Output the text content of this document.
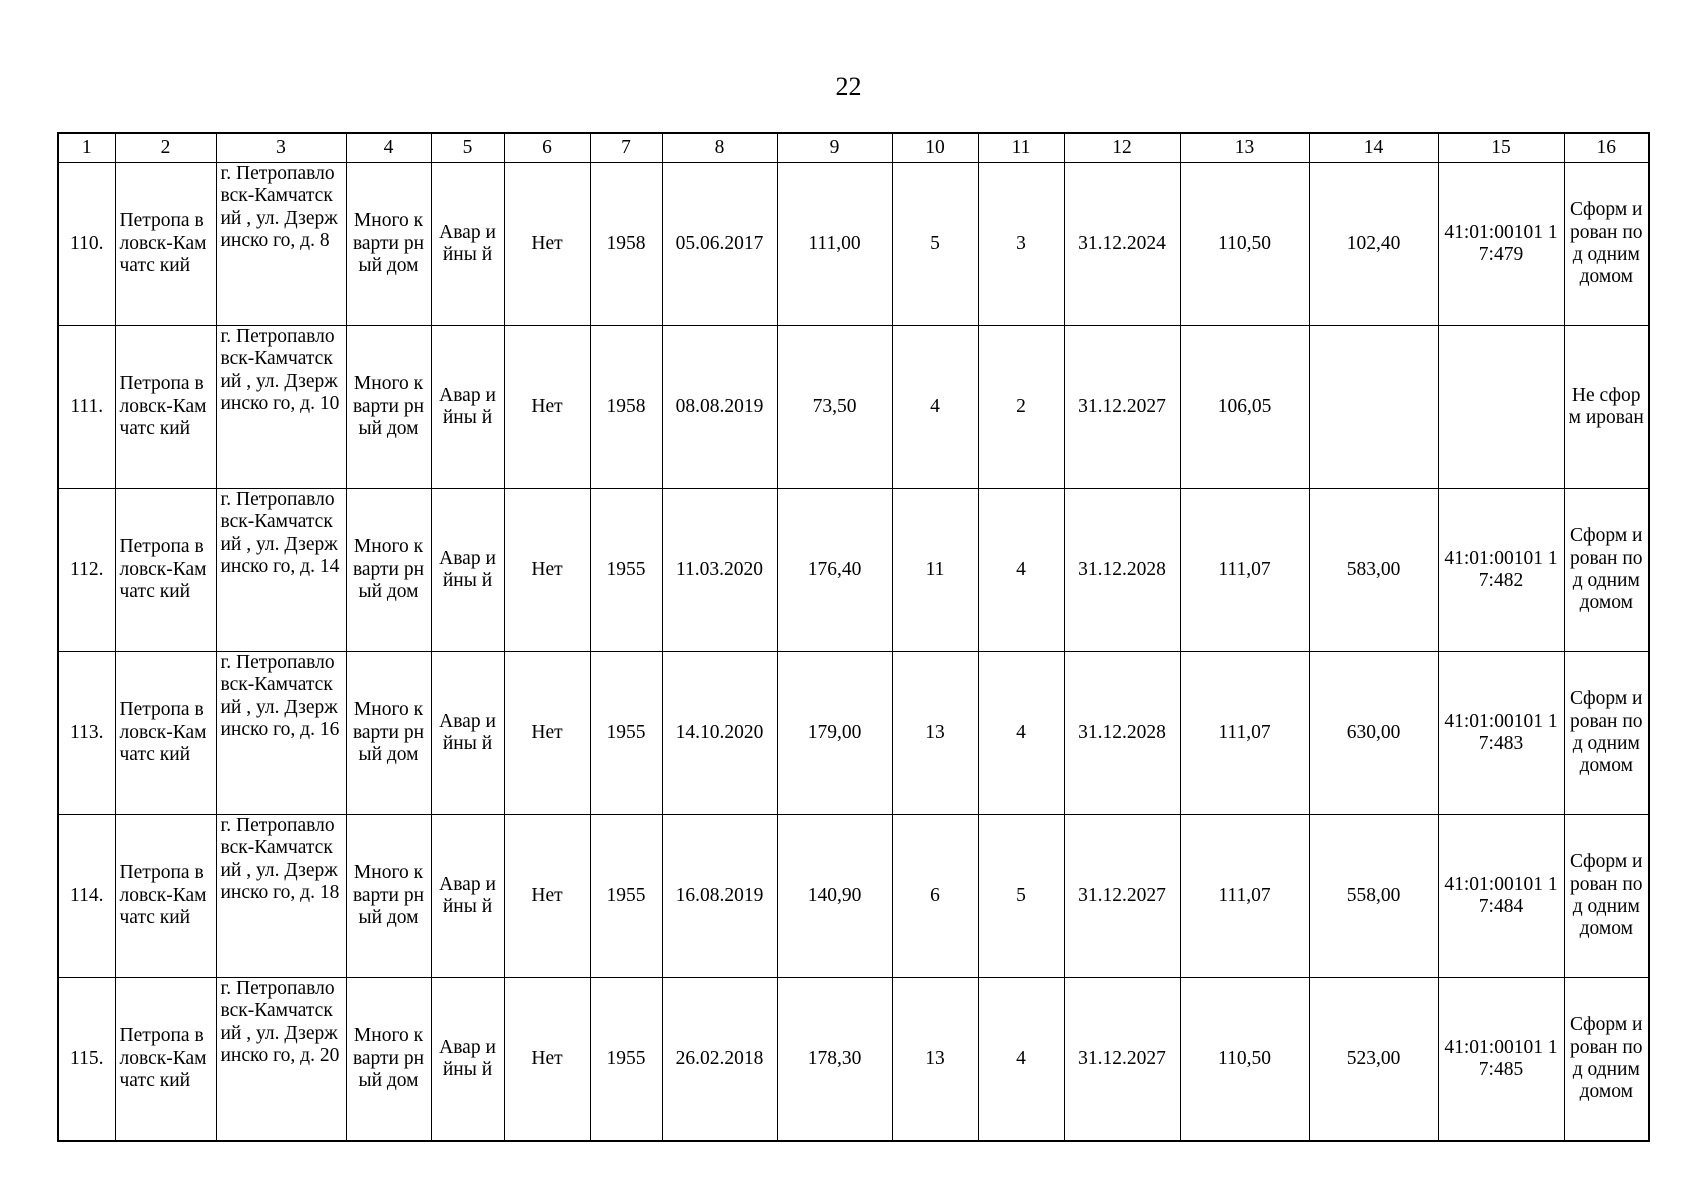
22
1	2	3	4	5	6	7	8	9	10	11	12	13	14	15	16
110.	Петропа вловск-Камчатс кий	г. Петропавло вск-Камчатский , ул. Дзержинско го, д. 8	Много кварти рный дом	Авар ийны й	Нет	1958	05.06.2017	111,00	5	3	31.12.2024	110,50	102,40	41:01:00101 17:479	Сформ ирован под одним домом
111.	Петропа вловск-Камчатс кий	г. Петропавло вск-Камчатский , ул. Дзержинско го, д. 10	Много кварти рный дом	Авар ийны й	Нет	1958	08.08.2019	73,50	4	2	31.12.2027	106,05			Не сформ ирован
112.	Петропа вловск-Камчатс кий	г. Петропавло вск-Камчатский , ул. Дзержинско го, д. 14	Много кварти рный дом	Авар ийны й	Нет	1955	11.03.2020	176,40	11	4	31.12.2028	111,07	583,00	41:01:00101 17:482	Сформ ирован под одним домом
113.	Петропа вловск-Камчатс кий	г. Петропавло вск-Камчатский , ул. Дзержинско го, д. 16	Много кварти рный дом	Авар ийны й	Нет	1955	14.10.2020	179,00	13	4	31.12.2028	111,07	630,00	41:01:00101 17:483	Сформ ирован под одним домом
114.	Петропа вловск-Камчатс кий	г. Петропавло вск-Камчатский , ул. Дзержинско го, д. 18	Много кварти рный дом	Авар ийны й	Нет	1955	16.08.2019	140,90	6	5	31.12.2027	111,07	558,00	41:01:00101 17:484	Сформ ирован под одним домом
115.	Петропа вловск-Камчатс кий	г. Петропавло вск-Камчатский , ул. Дзержинско го, д. 20	Много кварти рный дом	Авар ийны й	Нет	1955	26.02.2018	178,30	13	4	31.12.2027	110,50	523,00	41:01:00101 17:485	Сформ ирован под одним домом
